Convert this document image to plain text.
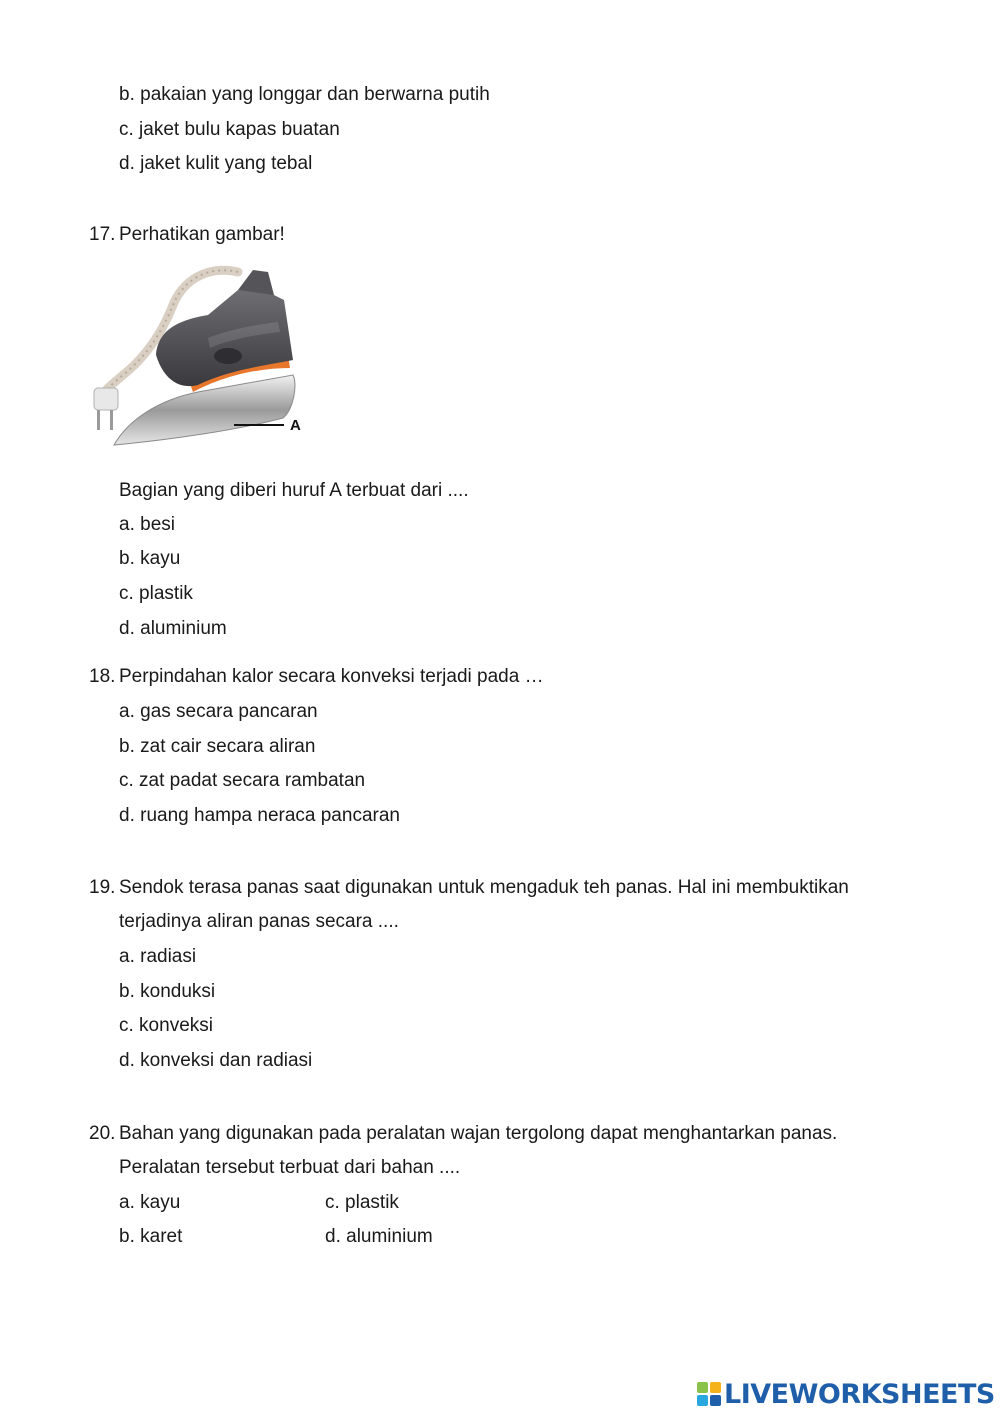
b. pakaian yang longgar dan berwarna putih
c. jaket bulu kapas buatan
d. jaket kulit yang tebal
17. Perhatikan gambar!
A
Bagian yang diberi huruf A terbuat dari ....
a. besi
b. kayu
c. plastik
d. aluminium
18. Perpindahan kalor secara konveksi terjadi pada …
a. gas secara pancaran
b. zat cair secara aliran
c. zat padat secara rambatan
d. ruang hampa neraca pancaran
19. Sendok terasa panas saat digunakan untuk mengaduk teh panas. Hal ini membuktikan
terjadinya aliran panas secara ....
a. radiasi
b. konduksi
c. konveksi
d. konveksi dan radiasi
20. Bahan yang digunakan pada peralatan wajan tergolong dapat menghantarkan panas.
Peralatan tersebut terbuat dari bahan ....
a. kayu	c. plastik
b. karet	d. aluminium
LIVEWORKSHEETS
